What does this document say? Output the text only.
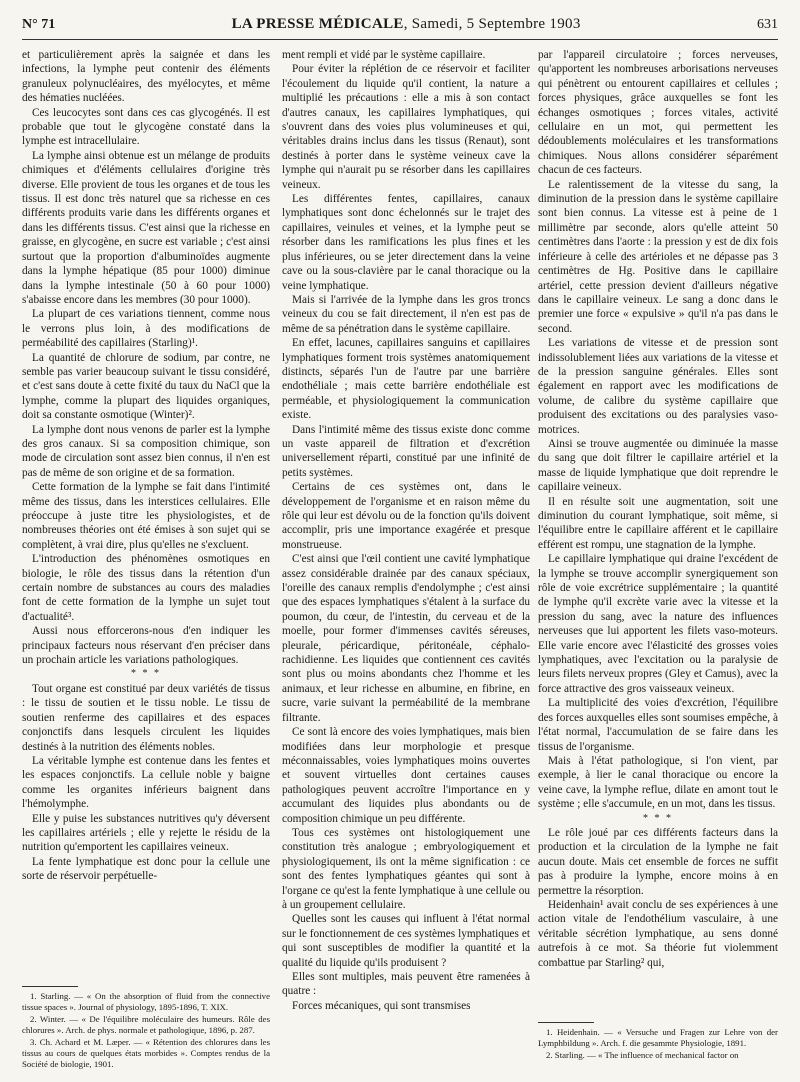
N° 71	LA PRESSE MÉDICALE, Samedi, 5 Septembre 1903	631

et particulièrement après la saignée et dans les infections, la lymphe peut contenir des éléments granuleux polynucléaires, des myélocytes, et même des hématies nucléées.

Ces leucocytes sont dans ces cas glycogénés. Il est probable que tout le glycogène constaté dans la lymphe est intracellulaire.

La lymphe ainsi obtenue est un mélange de produits chimiques et d'éléments cellulaires d'origine très diverse. Elle provient de tous les organes et de tous les tissus. Il est donc très naturel que sa richesse en ces différents produits varie dans les différents organes et dans les différents tissus. C'est ainsi que la richesse en graisse, en glycogène, en sucre est variable ; c'est ainsi surtout que la proportion d'albuminoïdes augmente dans la lymphe hépatique (85 pour 1000) diminue dans la lymphe intestinale (50 à 60 pour 1000) s'abaisse encore dans les membres (30 pour 1000).

La plupart de ces variations tiennent, comme nous le verrons plus loin, à des modifications de perméabilité des capillaires (Starling)¹.

La quantité de chlorure de sodium, par contre, ne semble pas varier beaucoup suivant le tissu considéré, et c'est sans doute à cette fixité du taux du NaCl que la lymphe, comme la plupart des liquides organiques, doit sa constante osmotique (Winter)².

La lymphe dont nous venons de parler est la lymphe des gros canaux. Si sa composition chimique, son mode de circulation sont assez bien connus, il n'en est pas de même de son origine et de sa formation.

Cette formation de la lymphe se fait dans l'intimité même des tissus, dans les interstices cellulaires. Elle préoccupe à juste titre les physiologistes, et de nombreuses théories ont été émises à son sujet qui se complètent, à vrai dire, plus qu'elles ne s'excluent.

L'introduction des phénomènes osmotiques en biologie, le rôle des tissus dans la rétention d'un certain nombre de substances au cours des maladies font de cette formation de la lymphe un sujet tout d'actualité³.

Aussi nous efforcerons-nous d'en indiquer les principaux facteurs nous réservant d'en préciser dans un prochain article les variations pathologiques.

* * *

Tout organe est constitué par deux variétés de tissus : le tissu de soutien et le tissu noble. Le tissu de soutien renferme des capillaires et des espaces conjonctifs dans lesquels circulent les liquides destinés à la nutrition des éléments nobles.

La véritable lymphe est contenue dans les fentes et les espaces conjonctifs. La cellule noble y baigne comme les organites inférieurs baignent dans l'hémolymphe.

Elle y puise les substances nutritives qu'y déversent les capillaires artériels ; elle y rejette le résidu de la nutrition qu'emportent les capillaires veineux.

La fente lymphatique est donc pour la cellule une sorte de réservoir perpétuelle-

ment rempli et vidé par le système capillaire.

Pour éviter la réplétion de ce réservoir et faciliter l'écoulement du liquide qu'il contient, la nature a multiplié les précautions : elle a mis à son contact d'autres canaux, les capillaires lymphatiques, qui s'ouvrent dans des voies plus volumineuses et qui, véritables drains inclus dans les tissus (Renaut), sont destinés à porter dans le système veineux cave la lymphe qui n'aurait pu se résorber dans les capillaires veineux.

Les différentes fentes, capillaires, canaux lymphatiques sont donc échelonnés sur le trajet des capillaires, veinules et veines, et la lymphe peut se résorber dans les ramifications les plus fines et les plus inférieures, ou se jeter directement dans la veine cave ou la sous-clavière par le canal thoracique ou la veine lymphatique.

Mais si l'arrivée de la lymphe dans les gros troncs veineux du cou se fait directement, il n'en est pas de même de sa pénétration dans le système capillaire.

En effet, lacunes, capillaires sanguins et capillaires lymphatiques forment trois systèmes anatomiquement distincts, séparés l'un de l'autre par une barrière endothéliale ; mais cette barrière endothéliale est perméable, et physiologiquement la communication existe.

Dans l'intimité même des tissus existe donc comme un vaste appareil de filtration et d'excrétion universellement réparti, constitué par une infinité de petits systèmes.

Certains de ces systèmes ont, dans le développement de l'organisme et en raison même du rôle qui leur est dévolu ou de la fonction qu'ils doivent accomplir, pris une importance exagérée et presque monstrueuse.

C'est ainsi que l'œil contient une cavité lymphatique assez considérable drainée par des canaux spéciaux, l'oreille des canaux remplis d'endolymphe ; c'est ainsi que des espaces lymphatiques s'étalent à la surface du poumon, du cœur, de l'intestin, du cerveau et de la moelle, pour former d'immenses cavités séreuses, pleurale, péricardique, péritonéale, céphalo-rachidienne. Les liquides que contiennent ces cavités sont plus ou moins abondants chez l'homme et les animaux, et leur richesse en albumine, en fibrine, en sucre, varie suivant la perméabilité de la membrane filtrante.

Ce sont là encore des voies lymphatiques, mais bien modifiées dans leur morphologie et presque méconnaissables, voies lymphatiques moins ouvertes et souvent virtuelles dont certaines causes pathologiques peuvent accroître l'importance en y accumulant des liquides plus abondants ou de composition chimique un peu différente.

Tous ces systèmes ont histologiquement une constitution très analogue ; embryologiquement et physiologiquement, ils ont la même signification : ce sont des fentes lymphatiques géantes qui sont à l'organe ce qu'est la fente lymphatique à une cellule ou à un groupement cellulaire.

Quelles sont les causes qui influent à l'état normal sur le fonctionnement de ces systèmes lymphatiques et qui sont susceptibles de modifier la quantité et la qualité du liquide qu'ils produisent ?

Elles sont multiples, mais peuvent être ramenées à quatre :

Forces mécaniques, qui sont transmises

par l'appareil circulatoire ; forces nerveuses, qu'apportent les nombreuses arborisations nerveuses qui pénètrent ou entourent capillaires et cellules ; forces physiques, grâce auxquelles se font les échanges osmotiques ; forces vitales, activité cellulaire en un mot, qui permettent les dédoublements moléculaires et les transformations chimiques. Nous allons considérer séparément chacun de ces facteurs.

Le ralentissement de la vitesse du sang, la diminution de la pression dans le système capillaire sont bien connus. La vitesse est à peine de 1 millimètre par seconde, alors qu'elle atteint 50 centimètres dans l'aorte : la pression y est de dix fois inférieure à celle des artérioles et ne dépasse pas 3 centimètres de Hg. Positive dans le capillaire artériel, cette pression devient d'ailleurs négative dans le capillaire veineux. Le sang a donc dans le premier une force « expulsive » qu'il n'a pas dans le second.

Les variations de vitesse et de pression sont indissolublement liées aux variations de la vitesse et de la pression sanguine générales. Elles sont également en rapport avec les modifications de volume, de calibre du système capillaire que produisent des excitations ou des paralysies vaso-motrices.

Ainsi se trouve augmentée ou diminuée la masse du sang que doit filtrer le capillaire artériel et la masse de liquide lymphatique que doit reprendre le capillaire veineux.

Il en résulte soit une augmentation, soit une diminution du courant lymphatique, soit même, si l'équilibre entre le capillaire afférent et le capillaire efférent est rompu, une stagnation de la lymphe.

Le capillaire lymphatique qui draine l'excédent de la lymphe se trouve accomplir synergiquement son rôle de voie excrétrice supplémentaire ; la quantité de lymphe qu'il excrète varie avec la vitesse et la pression du sang, avec la nature des influences nerveuses que lui apportent les filets vaso-moteurs. Elle varie encore avec l'élasticité des grosses voies lymphatiques, avec l'excitation ou la paralysie de leurs filets nerveux propres (Gley et Camus), avec la force attractive des gros vaisseaux veineux.

La multiplicité des voies d'excrétion, l'équilibre des forces auxquelles elles sont soumises empêche, à l'état normal, l'accumulation de se faire dans les tissus de l'organisme.

Mais à l'état pathologique, si l'on vient, par exemple, à lier le canal thoracique ou encore la veine cave, la lymphe reflue, dilate en amont tout le système ; elle s'accumule, en un mot, dans les tissus.

* * *

Le rôle joué par ces différents facteurs dans la production et la circulation de la lymphe ne fait aucun doute. Mais cet ensemble de forces ne suffit pas à produire la lymphe, encore moins à en permettre la résorption.

Heidenhain¹ avait conclu de ses expériences à une action vitale de l'endothélium vasculaire, à une véritable sécrétion lymphatique, au sens donné autrefois à ce mot. Sa théorie fut violemment combattue par Starling² qui,

1. Starling. — « On the absorption of fluid from the connective tissue spaces ». Journal of physiology, 1895-1896, T. XIX.

2. Winter. — « De l'équilibre moléculaire des humeurs. Rôle des chlorures ». Arch. de phys. normale et pathologique, 1896, p. 287.

3. Ch. Achard et M. Læper. — « Rétention des chlorures dans les tissus au cours de quelques états morbides ». Comptes rendus de la Société de biologie, 1901.

1. Heidenhain. — « Versuche und Fragen zur Lehre von der Lymphbildung ». Arch. f. die gesammte Physiologie, 1891.

2. Starling. — « The influence of mechanical factor on
